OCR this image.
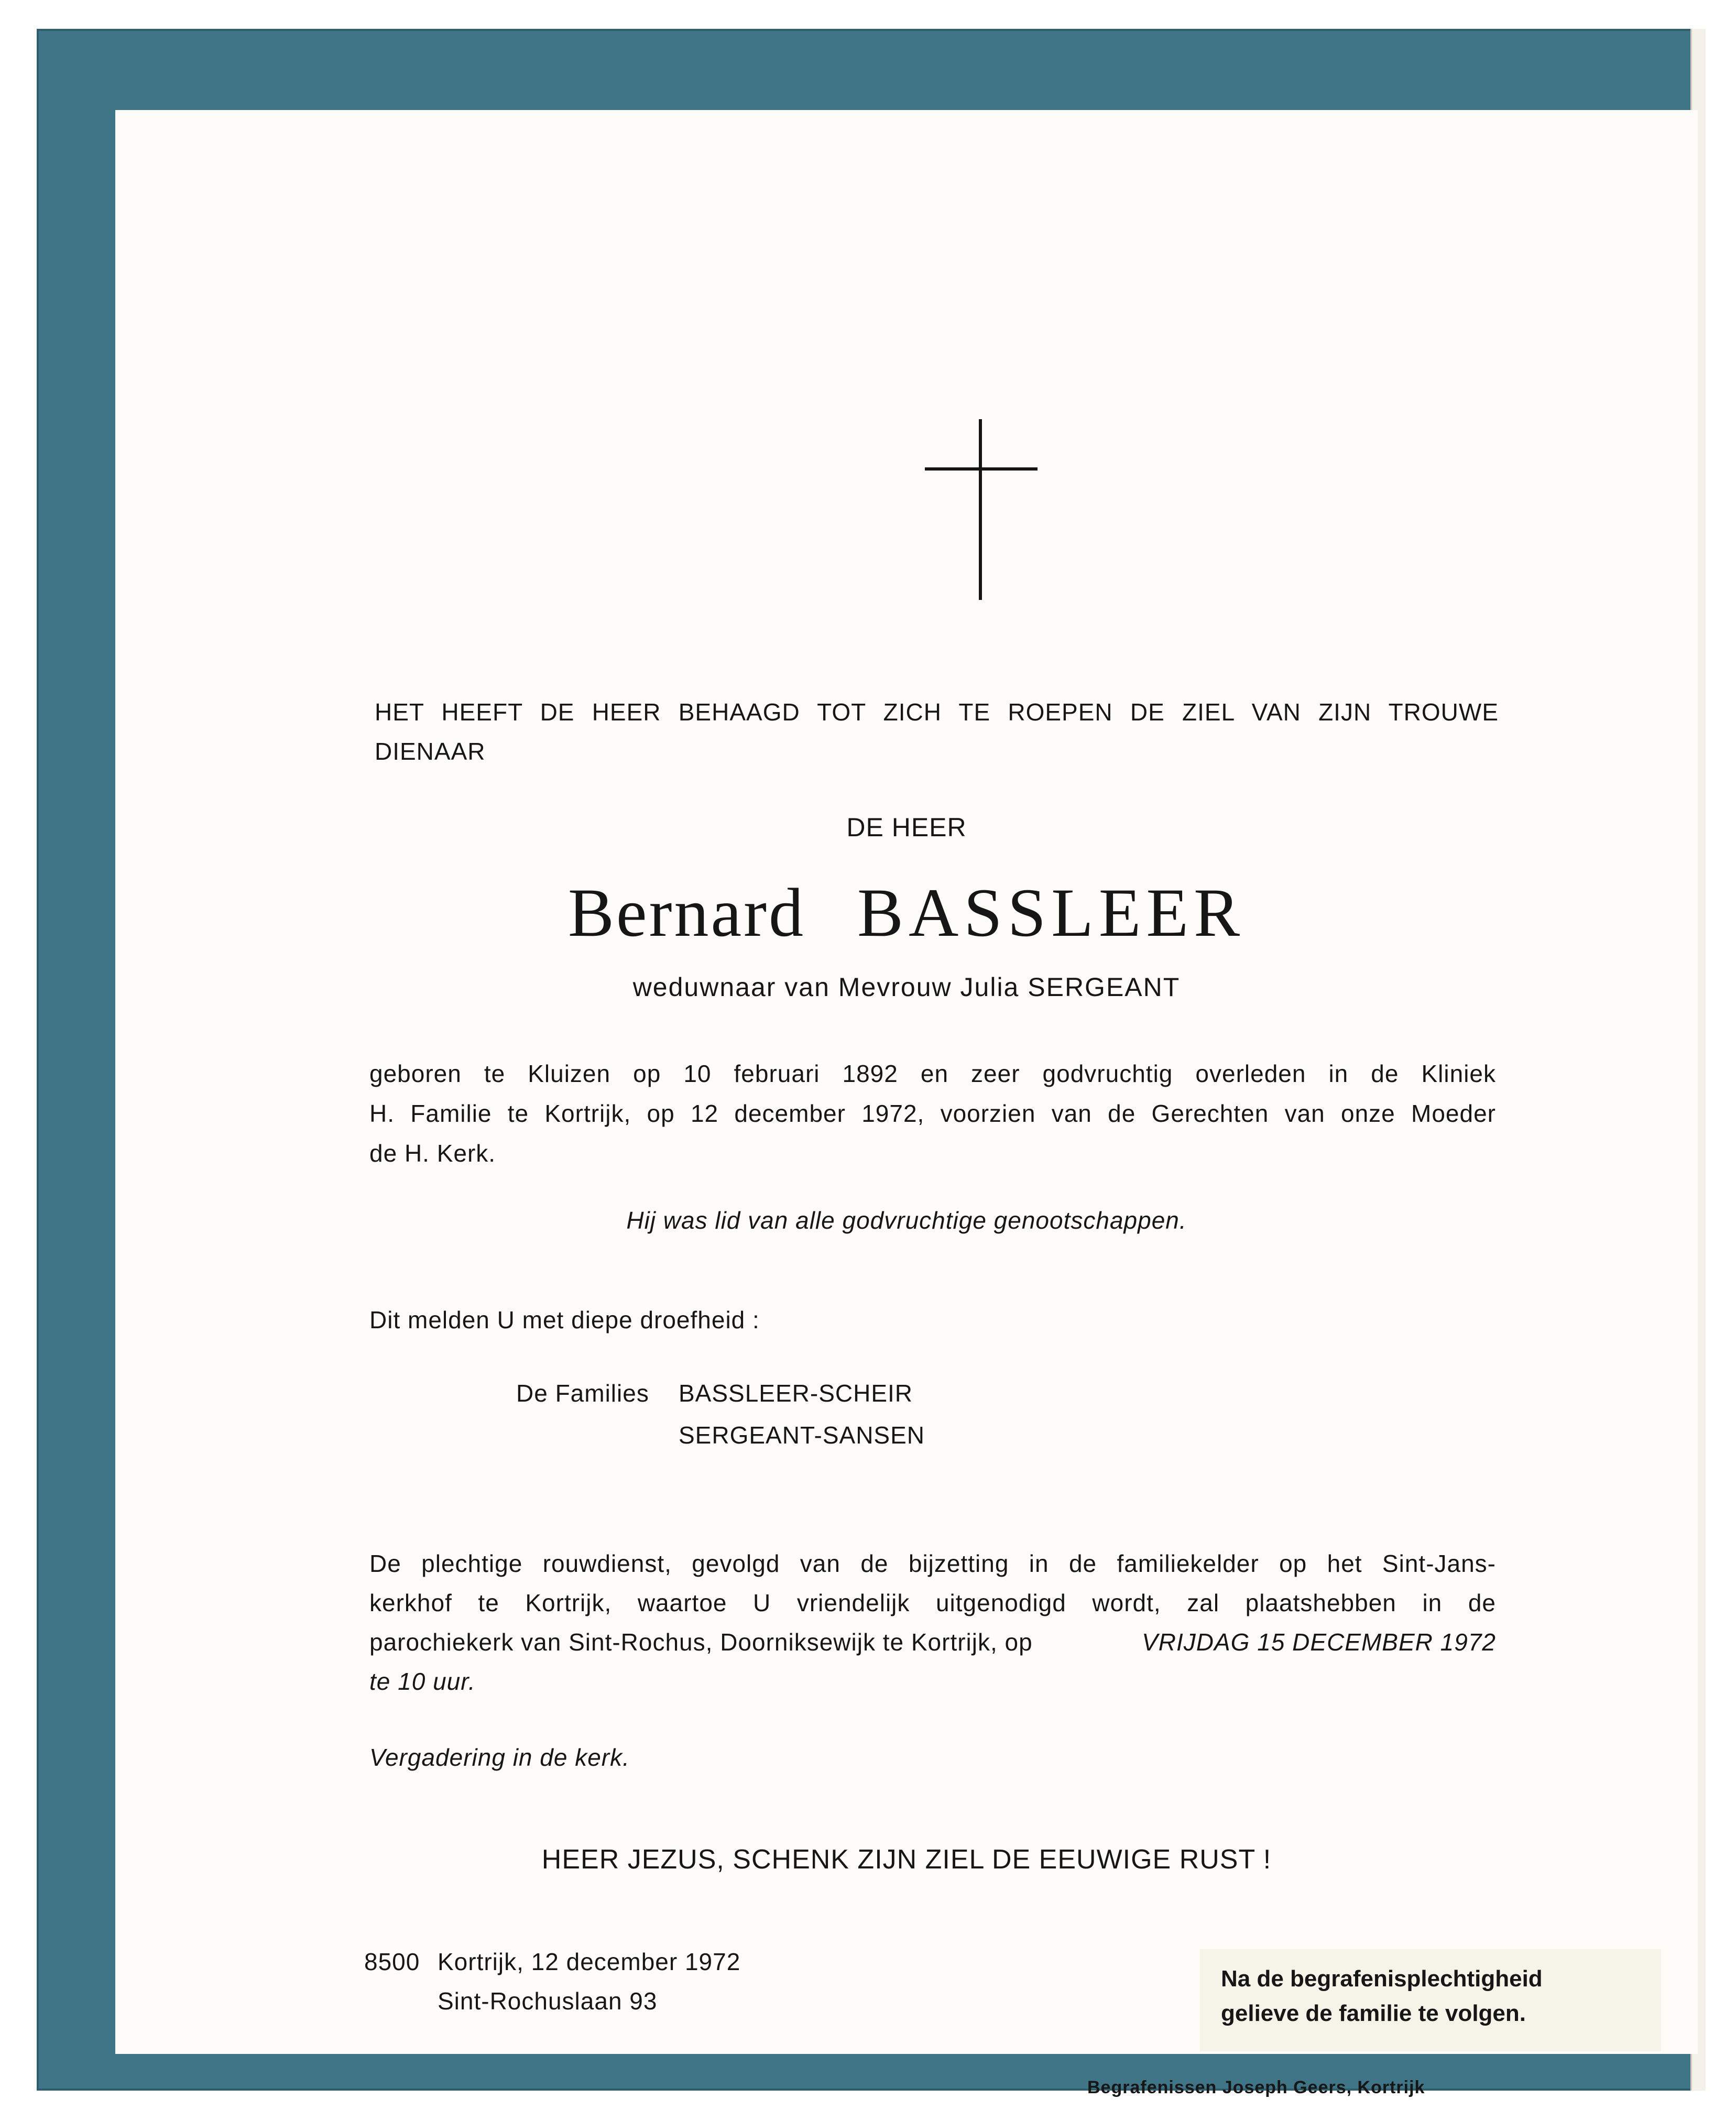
HET HEEFT DE HEER BEHAAGD TOT ZICH TE ROEPEN DE ZIEL VAN ZIJN TROUWE
DIENAAR
DE HEER
Bernard BASSLEER
weduwnaar van Mevrouw Julia SERGEANT
geboren te Kluizen op 10 februari 1892 en zeer godvruchtig overleden in de Kliniek
H. Familie te Kortrijk, op 12 december 1972, voorzien van de Gerechten van onze Moeder
de H. Kerk.
Hij was lid van alle godvruchtige genootschappen.
Dit melden U met diepe droefheid :
De Families BASSLEER-SCHEIR
SERGEANT-SANSEN
De plechtige rouwdienst, gevolgd van de bijzetting in de familiekelder op het Sint-Jans-
kerkhof te Kortrijk, waartoe U vriendelijk uitgenodigd wordt, zal plaatshebben in de
parochiekerk van Sint-Rochus, Doorniksewijk te Kortrijk, op	VRIJDAG 15 DECEMBER 1972
te 10 uur.
Vergadering in de kerk.
HEER JEZUS, SCHENK ZIJN ZIEL DE EEUWIGE RUST !
8500 Kortrijk, 12 december 1972
Sint-Rochuslaan 93
Na de begrafenisplechtigheid
gelieve de familie te volgen.
Begrafenissen Joseph Geers, Kortrijk
